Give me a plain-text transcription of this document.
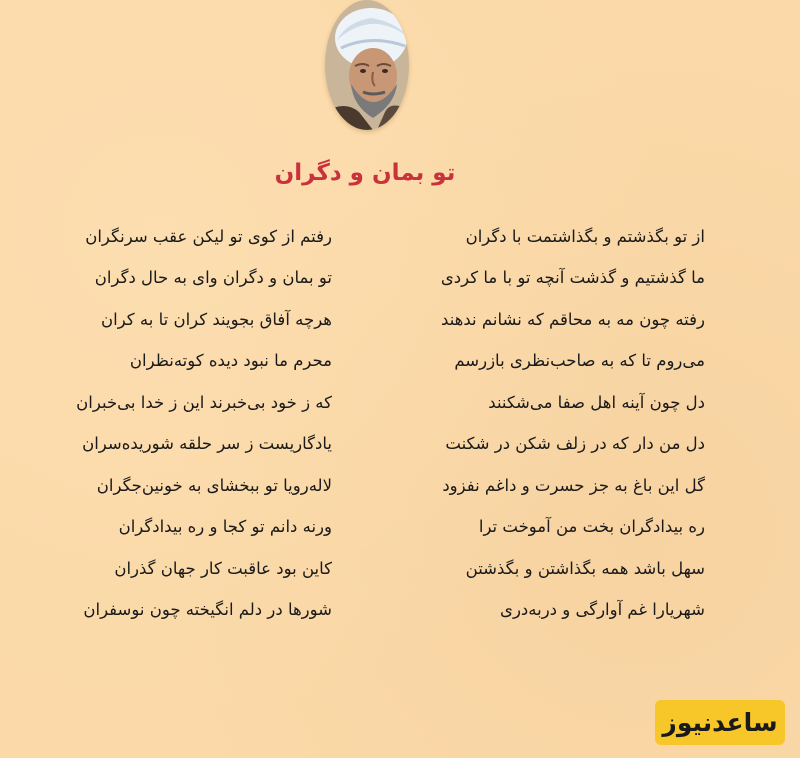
تو بمان و دگران
از تو بگذشتم و بگذاشتمت با دگران
رفتم از کوی تو لیکن عقب سرنگران
ما گذشتیم و گذشت آنچه تو با ما کردی
تو بمان و دگران وای به حال دگران
رفته چون مه به محاقم که نشانم ندهند
هرچه آفاق بجویند کران تا به کران
می‌روم تا که به صاحب‌نظری بازرسم
محرم ما نبود دیده کوته‌نظران
دل چون آینه اهل صفا می‌شکنند
که ز خود بی‌خبرند این ز خدا بی‌خبران
دل من دار که در زلف شکن در شکنت
یادگاریست ز سر حلقه شوریده‌سران
گل این باغ به جز حسرت و داغم نفزود
لاله‌رویا تو ببخشای به خونین‌جگران
ره بیدادگران بخت من آموخت ترا
ورنه دانم تو کجا و ره بیدادگران
سهل باشد همه بگذاشتن و بگذشتن
کاین بود عاقبت کار جهان گذران
شهریارا غم آوارگی و دربه‌دری
شورها در دلم انگیخته چون نوسفران
ساعدنیوز
